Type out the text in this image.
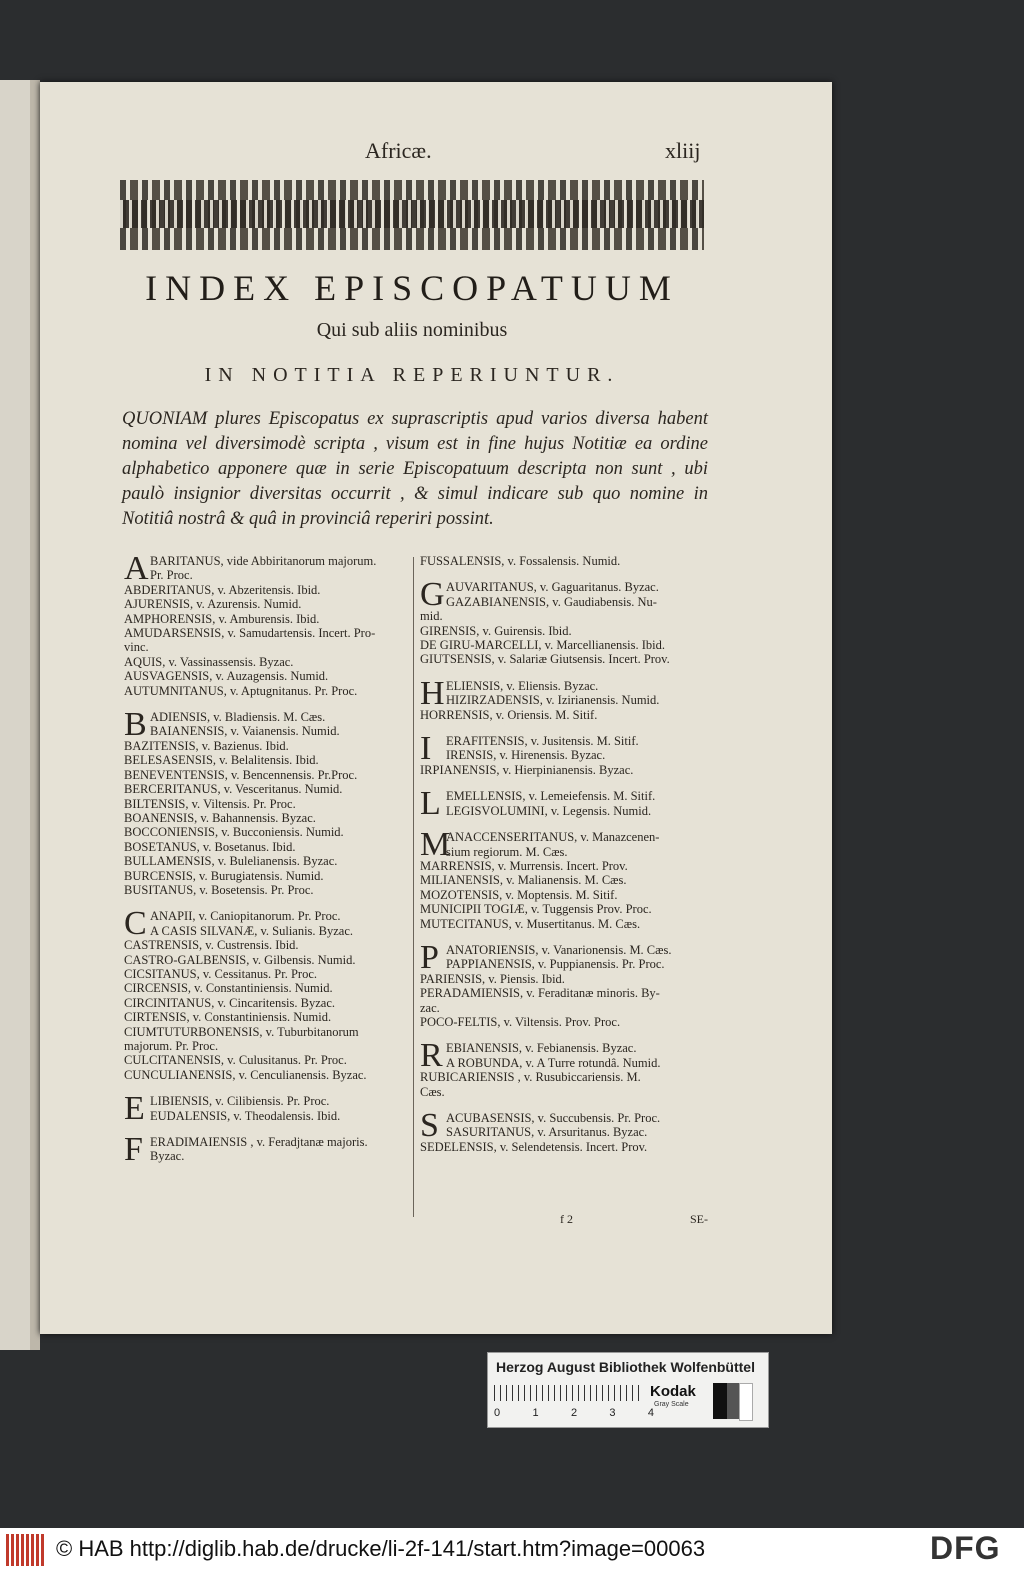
Africæ.	xliij
INDEX EPISCOPATUUM
Qui sub aliis nominibus
IN NOTITIA REPERIUNTUR.
QUONIAM plures Episcopatus ex suprascriptis apud varios diversa habent nomina vel diversimodè scripta , visum est in fine hujus Notitiæ ea ordine alphabetico apponere quæ in serie Episcopatuum descripta non sunt , ubi paulò insignior diversitas occurrit , & simul indicare sub quo nomine in Notitiâ nostrâ & quâ in provinciâ reperiri possint.
A BARITANUS, vide Abbiritanorum majorum.
Pr. Proc.
ABDERITANUS, v. Abzeritensis. Ibid.
AJURENSIS, v. Azurensis. Numid.
AMPHORENSIS, v. Amburensis. Ibid.
AMUDARSENSIS, v. Samudartensis. Incert. Pro-
vinc.
AQUIS, v. Vassinassensis. Byzac.
AUSVAGENSIS, v. Auzagensis. Numid.
AUTUMNITANUS, v. Aptugnitanus. Pr. Proc.
B ADIENSIS, v. Bladiensis. M. Cæs.
BAIANENSIS, v. Vaianensis. Numid.
BAZITENSIS, v. Bazienus. Ibid.
BELESASENSIS, v. Belalitensis. Ibid.
BENEVENTENSIS, v. Bencennensis. Pr.Proc.
BERCERITANUS, v. Vesceritanus. Numid.
BILTENSIS, v. Viltensis. Pr. Proc.
BOANENSIS, v. Bahannensis. Byzac.
BOCCONIENSIS, v. Bucconiensis. Numid.
BOSETANUS, v. Bosetanus. Ibid.
BULLAMENSIS, v. Bulelianensis. Byzac.
BURCENSIS, v. Burugiatensis. Numid.
BUSITANUS, v. Bosetensis. Pr. Proc.
C ANAPII, v. Caniopitanorum. Pr. Proc.
A CASIS SILVANÆ, v. Sulianis. Byzac.
CASTRENSIS, v. Custrensis. Ibid.
CASTRO-GALBENSIS, v. Gilbensis. Numid.
CICSITANUS, v. Cessitanus. Pr. Proc.
CIRCENSIS, v. Constantiniensis. Numid.
CIRCINITANUS, v. Cincaritensis. Byzac.
CIRTENSIS, v. Constantiniensis. Numid.
CIUMTUTURBONENSIS, v. Tuburbitanorum
majorum. Pr. Proc.
CULCITANENSIS, v. Culusitanus. Pr. Proc.
CUNCULIANENSIS, v. Cenculianensis. Byzac.
E LIBIENSIS, v. Cilibiensis. Pr. Proc.
EUDALENSIS, v. Theodalensis. Ibid.
F ERADIMAIENSIS , v. Feradjtanæ majoris.
Byzac.
FUSSALENSIS, v. Fossalensis. Numid.
G AUVARITANUS, v. Gaguaritanus. Byzac.
GAZABIANENSIS, v. Gaudiabensis. Nu-
mid.
GIRENSIS, v. Guirensis. Ibid.
DE GIRU-MARCELLI, v. Marcellianensis. Ibid.
GIUTSENSIS, v. Salariæ Giutsensis. Incert. Prov.
H ELIENSIS, v. Eliensis. Byzac.
HIZIRZADENSIS, v. Izirianensis. Numid.
HORRENSIS, v. Oriensis. M. Sitif.
I	ERAFITENSIS, v. Jusitensis. M. Sitif.
IRENSIS, v. Hirenensis. Byzac.
IRPIANENSIS, v. Hierpinianensis. Byzac.
L EMELLENSIS, v. Lemeiefensis. M. Sitif.
LEGISVOLUMINI, v. Legensis. Numid.
M
ANACCENSERITANUS, v. Manazcenen-
sium regiorum. M. Cæs.
MARRENSIS, v. Murrensis. Incert. Prov.
MILIANENSIS, v. Malianensis. M. Cæs.
MOZOTENSIS, v. Moptensis. M. Sitif.
MUNICIPII TOGIÆ, v. Tuggensis Prov. Proc.
MUTECITANUS, v. Musertitanus. M. Cæs.
P ANATORIENSIS, v. Vanarionensis. M. Cæs.
PAPPIANENSIS, v. Puppianensis. Pr. Proc.
PARIENSIS, v. Piensis. Ibid.
PERADAMIENSIS, v. Feraditanæ minoris. By-
zac.
POCO-FELTIS, v. Viltensis. Prov. Proc.
R EBIANENSIS, v. Febianensis. Byzac.
A ROBUNDA, v. A Turre rotundâ. Numid.
RUBICARIENSIS , v. Rusubiccariensis. M.
Cæs.
S ACUBASENSIS, v. Succubensis. Pr. Proc.
SASURITANUS, v. Arsuritanus. Byzac.
SEDELENSIS, v. Selendetensis. Incert. Prov.
f 2	SE-
Herzog August Bibliothek Wolfenbüttel
0	1	2	3	4
Kodak
Gray Scale
© HAB http://diglib.hab.de/drucke/li-2f-141/start.htm?image=00063	DFG
